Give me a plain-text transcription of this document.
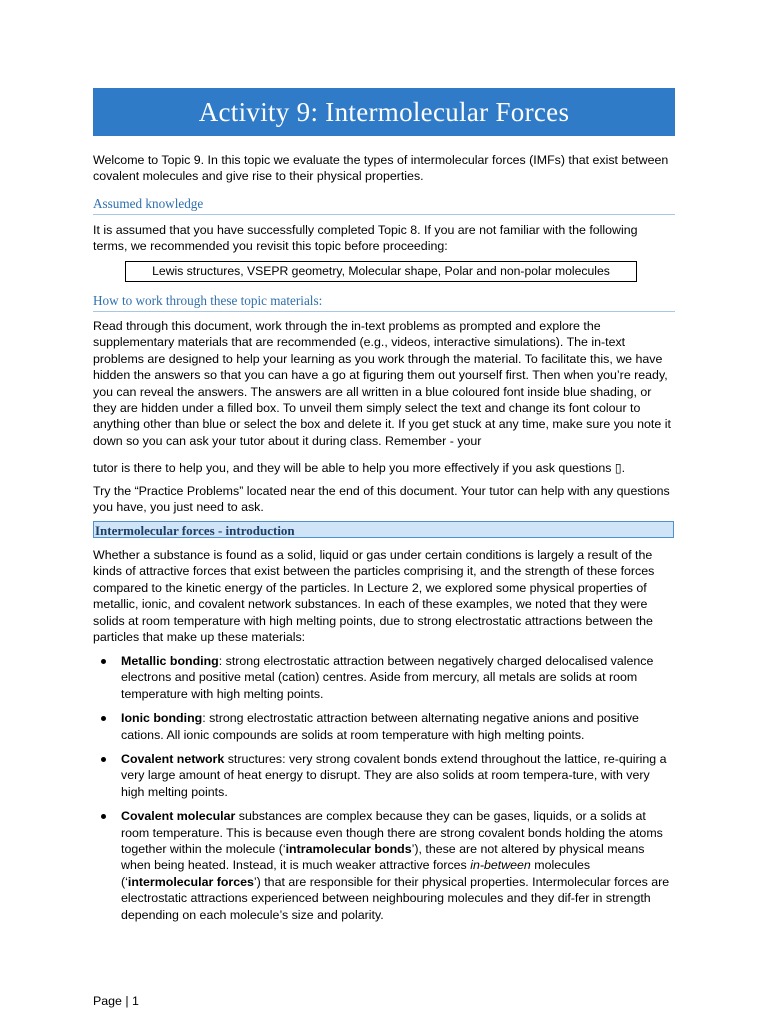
Activity 9: Intermolecular Forces

Welcome to Topic 9. In this topic we evaluate the types of intermolecular forces (IMFs) that exist between covalent molecules and give rise to their physical properties.

Assumed knowledge

It is assumed that you have successfully completed Topic 8. If you are not familiar with the following terms, we recommended you revisit this topic before proceeding:

Lewis structures, VSEPR geometry, Molecular shape, Polar and non-polar molecules
How to work through these topic materials:

Read through this document, work through the in-text problems as prompted and explore the supplementary materials that are recommended (e.g., videos, interactive simulations). The in-text problems are designed to help your learning as you work through the material. To facilitate this, we have hidden the answers so that you can have a go at figuring them out yourself first. Then when you’re ready, you can reveal the answers. The answers are all written in a blue coloured font inside blue shading, or they are hidden under a filled box. To unveil them simply select the text and change its font colour to anything other than blue or select the box and delete it. If you get stuck at any time, make sure you note it down so you can ask your tutor about it during class. Remember - your

tutor is there to help you, and they will be able to help you more effectively if you ask questions ▯.

Try the “Practice Problems” located near the end of this document. Your tutor can help with any questions you have, you just need to ask.

Intermolecular forces - introduction

Whether a substance is found as a solid, liquid or gas under certain conditions is largely a result of the kinds of attractive forces that exist between the particles comprising it, and the strength of these forces compared to the kinetic energy of the particles. In Lecture 2, we explored some physical properties of metallic, ionic, and covalent network substances. In each of these examples, we noted that they were solids at room temperature with high melting points, due to strong electrostatic attractions between the particles that make up these materials:

Metallic bonding: strong electrostatic attraction between negatively charged delocalised valence electrons and positive metal (cation) centres. Aside from mercury, all metals are solids at room temperature with high melting points.
Ionic bonding: strong electrostatic attraction between alternating negative anions and positive cations. All ionic compounds are solids at room temperature with high melting points.
Covalent network structures: very strong covalent bonds extend throughout the lattice, re-quiring a very large amount of heat energy to disrupt. They are also solids at room tempera-ture, with very high melting points.
Covalent molecular substances are complex because they can be gases, liquids, or a solids at room temperature. This is because even though there are strong covalent bonds holding the atoms together within the molecule (‘intramolecular bonds’), these are not altered by physical means when being heated. Instead, it is much weaker attractive forces in-between molecules (‘intermolecular forces’) that are responsible for their physical properties. Intermolecular forces are electrostatic attractions experienced between neighbouring molecules and they dif-fer in strength depending on each molecule’s size and polarity.
Page | 1
